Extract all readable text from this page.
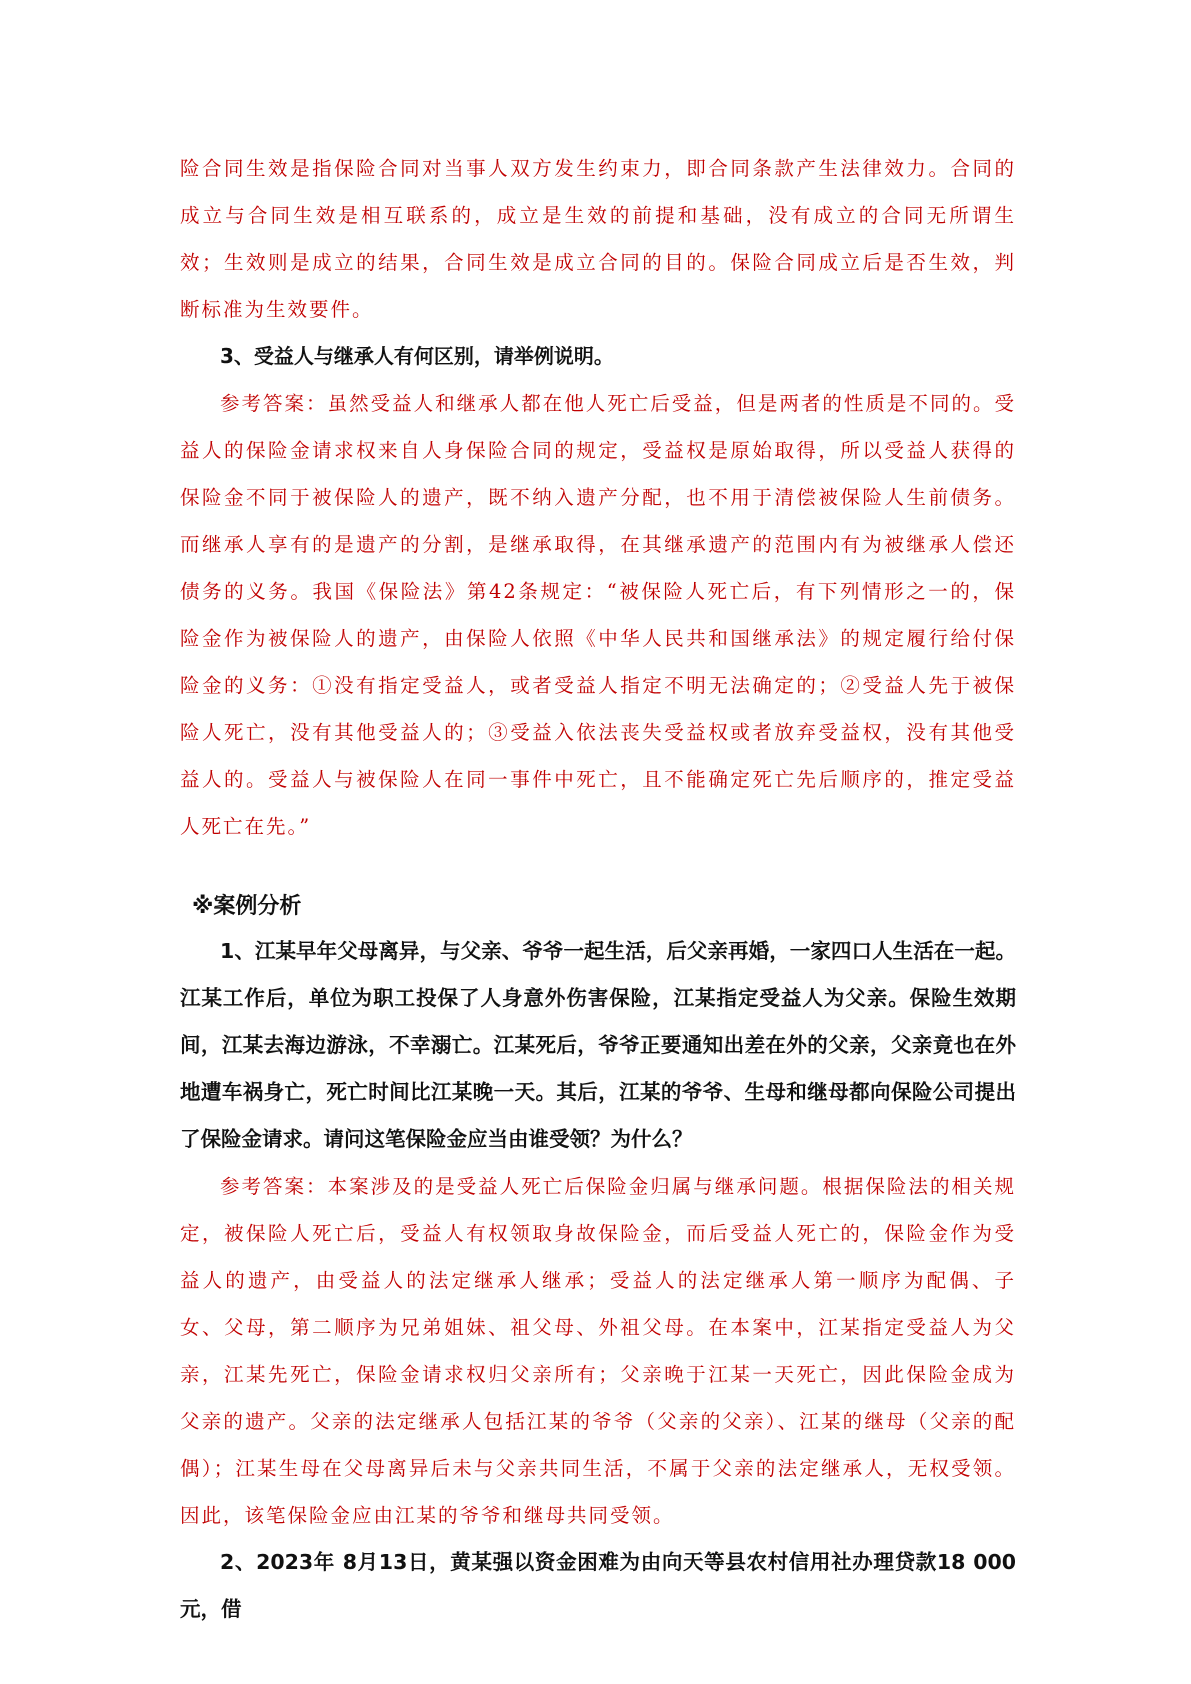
险合同生效是指保险合同对当事人双方发生约束力，即合同条款产生法律效力。合同的成立与合同生效是相互联系的，成立是生效的前提和基础，没有成立的合同无所谓生效；生效则是成立的结果，合同生效是成立合同的目的。保险合同成立后是否生效，判断标准为生效要件。

3、受益人与继承人有何区别，请举例说明。

参考答案：虽然受益人和继承人都在他人死亡后受益，但是两者的性质是不同的。受益人的保险金请求权来自人身保险合同的规定，受益权是原始取得，所以受益人获得的保险金不同于被保险人的遗产，既不纳入遗产分配，也不用于清偿被保险人生前债务。而继承人享有的是遗产的分割，是继承取得，在其继承遗产的范围内有为被继承人偿还债务的义务。我国《保险法》第42条规定：“被保险人死亡后，有下列情形之一的，保险金作为被保险人的遗产，由保险人依照《中华人民共和国继承法》的规定履行给付保险金的义务：①没有指定受益人，或者受益人指定不明无法确定的；②受益人先于被保险人死亡，没有其他受益人的；③受益入依法丧失受益权或者放弃受益权，没有其他受益人的。受益人与被保险人在同一事件中死亡，且不能确定死亡先后顺序的，推定受益人死亡在先。”

※案例分析

1、江某早年父母离异，与父亲、爷爷一起生活，后父亲再婚，一家四口人生活在一起。江某工作后，单位为职工投保了人身意外伤害保险，江某指定受益人为父亲。保险生效期间，江某去海边游泳，不幸溺亡。江某死后，爷爷正要通知出差在外的父亲，父亲竟也在外地遭车祸身亡，死亡时间比江某晚一天。其后，江某的爷爷、生母和继母都向保险公司提出了保险金请求。请问这笔保险金应当由谁受领？为什么？

参考答案：本案涉及的是受益人死亡后保险金归属与继承问题。根据保险法的相关规定，被保险人死亡后，受益人有权领取身故保险金，而后受益人死亡的，保险金作为受益人的遗产，由受益人的法定继承人继承；受益人的法定继承人第一顺序为配偶、子女、父母，第二顺序为兄弟姐妹、祖父母、外祖父母。在本案中，江某指定受益人为父亲，江某先死亡，保险金请求权归父亲所有；父亲晚于江某一天死亡，因此保险金成为父亲的遗产。父亲的法定继承人包括江某的爷爷（父亲的父亲）、江某的继母（父亲的配偶）；江某生母在父母离异后未与父亲共同生活，不属于父亲的法定继承人，无权受领。因此，该笔保险金应由江某的爷爷和继母共同受领。

2、2023年 8月13日，黄某强以资金困难为由向天等县农村信用社办理贷款18 000元，借
